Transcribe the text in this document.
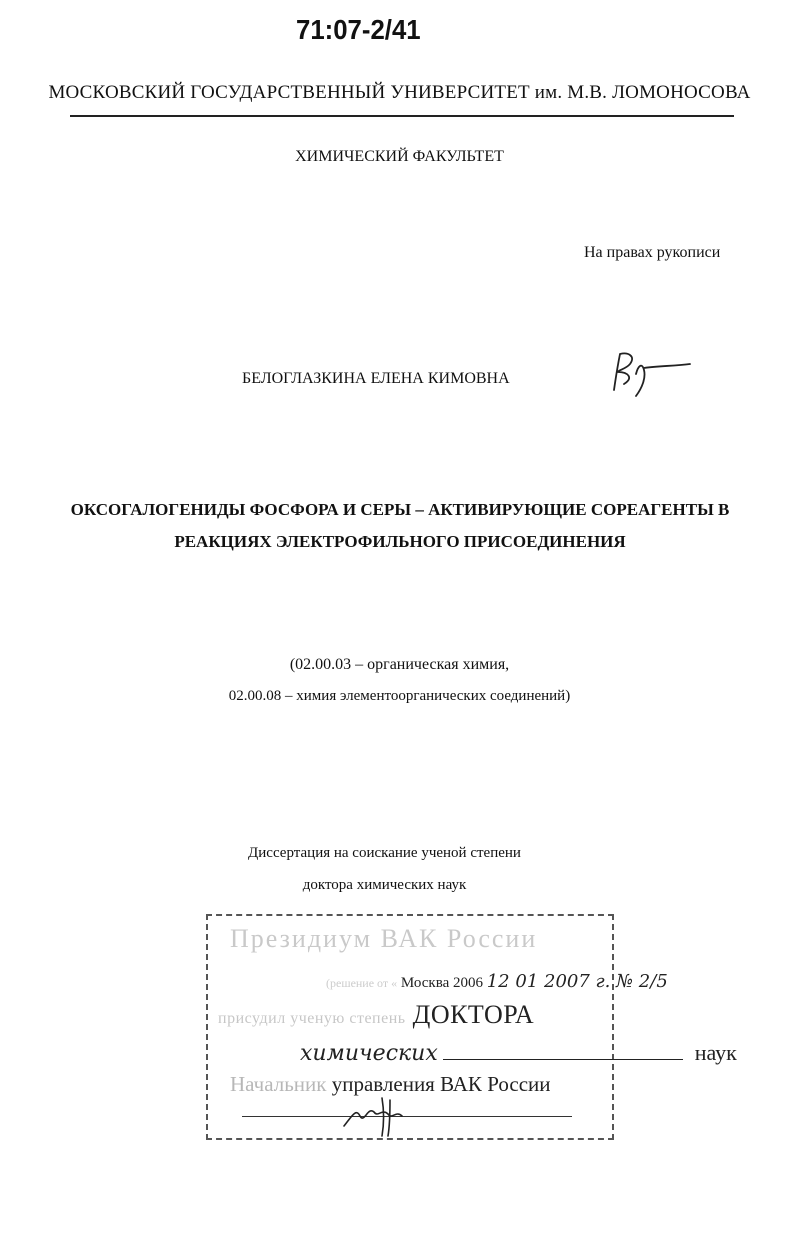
71:07-2/41
МОСКОВСКИЙ ГОСУДАРСТВЕННЫЙ УНИВЕРСИТЕТ им. М.В. ЛОМОНОСОВА
ХИМИЧЕСКИЙ ФАКУЛЬТЕТ
На правах рукописи
БЕЛОГЛАЗКИНА ЕЛЕНА КИМОВНА
ОКСОГАЛОГЕНИДЫ ФОСФОРА И СЕРЫ – АКТИВИРУЮЩИЕ СОРЕАГЕНТЫ В
РЕАКЦИЯХ ЭЛЕКТРОФИЛЬНОГО ПРИСОЕДИНЕНИЯ
(02.00.03 – органическая химия,
02.00.08 – химия элементоорганических соединений)
Диссертация на соискание ученой степени
доктора химических наук
Президиум ВАК России
(решение от « Москва 2006 12 01 2007 г. № 2/5
присудил ученую степень ДОКТОРА
химических	наук
Начальник управления ВАК России
